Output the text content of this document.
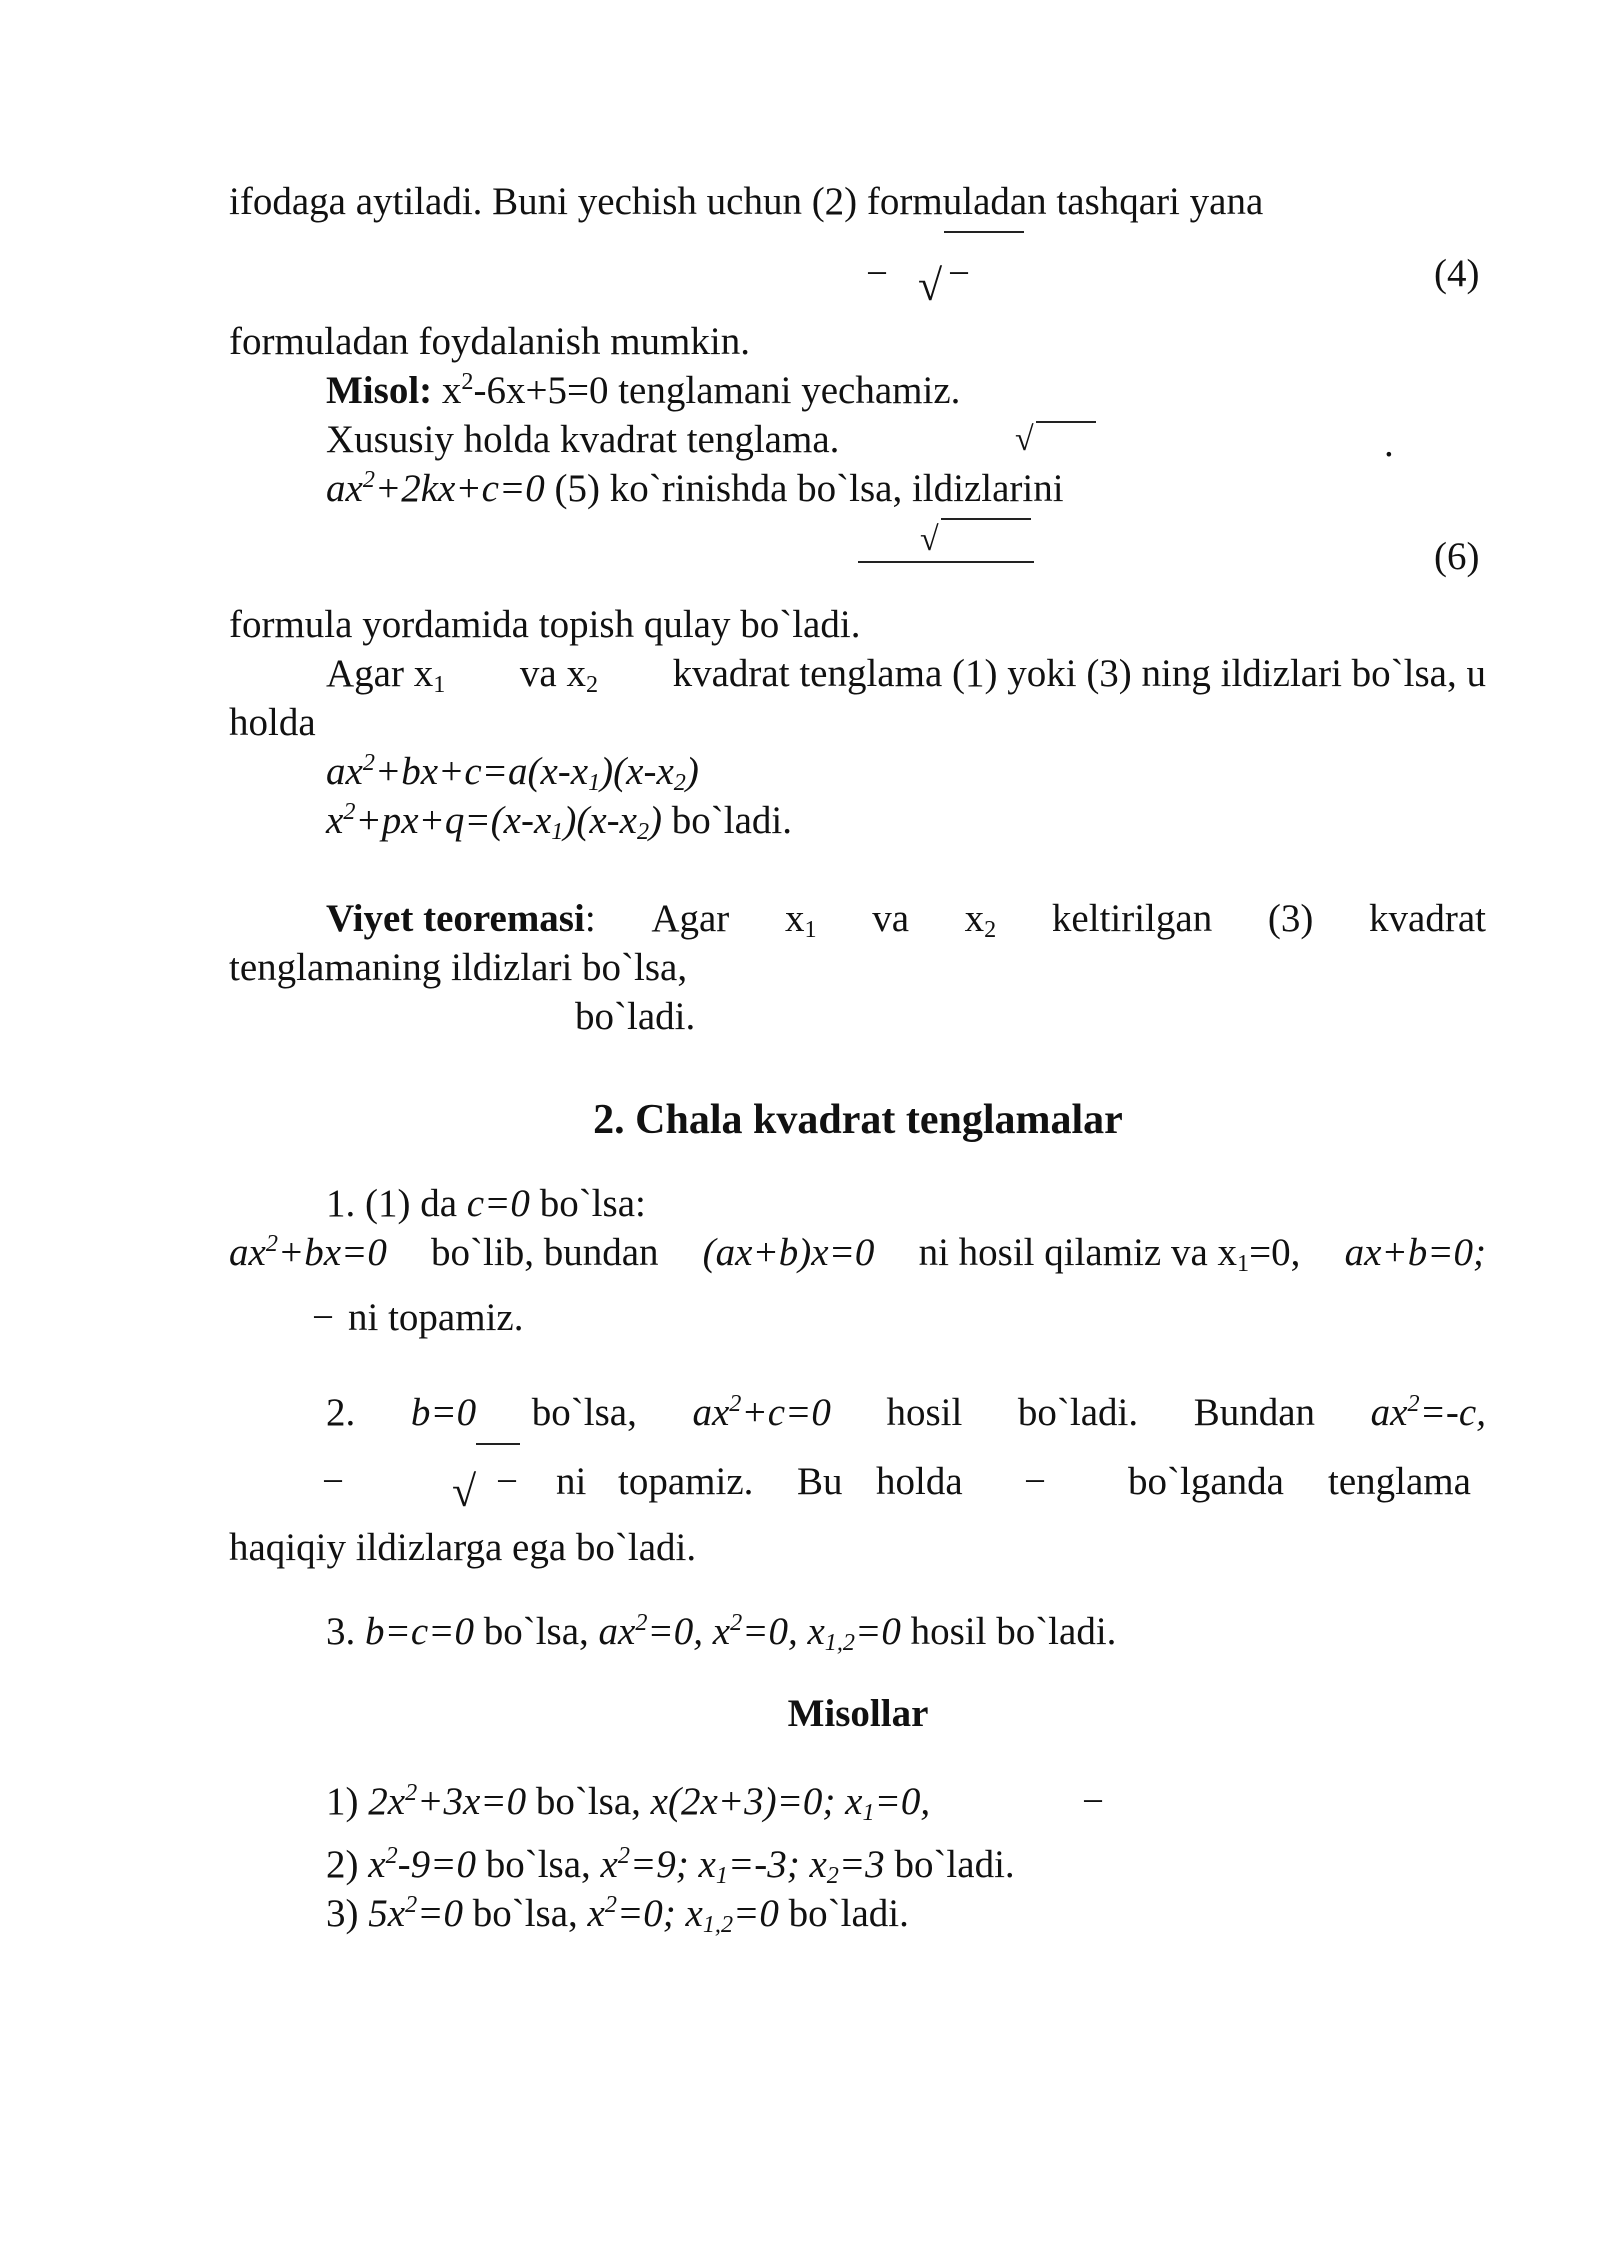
ifodaga aytiladi. Buni yechish uchun (2) formuladan tashqari yana
− √ −	(4)
formuladan foydalanish mumkin.
Misol: $x^2-6x+5=0$ tenglamani yechamiz.
Xususiy holda kvadrat tenglama.	√	.
$ax^2+2kx+c=0$ (5) ko`rinishda bo`lsa, ildizlarini
√	(6)
formula yordamida topish qulay bo`ladi.
Agar $x_1$ va $x_2$ kvadrat tenglama (1) yoki (3) ning ildizlari bo`lsa, u
holda
$ax^2+bx+c=a(x-x_1)(x-x_2)$
$x^2+px+q=(x-x_1)(x-x_2)$ bo`ladi.
Viyet teoremasi: Agar $x_1$ va $x_2$ keltirilgan (3) kvadrat
tenglamaning ildizlari bo`lsa,
bo`ladi.
2. Chala kvadrat tenglamalar
1. (1) da c=0 bo`lsa:
$ax^2+bx=0$ bo`lib, bundan (ax+b)x=0 ni hosil qilamiz va $x_1=0$, ax+b=0;
− ni topamiz.
2. b=0 bo`lsa, $ax^2+c=0$ hosil bo`ladi. Bundan $ax^2=-c$,
− √ − ni topamiz. Bu holda − bo`lganda tenglama
haqiqiy ildizlarga ega bo`ladi.
3. b=c=0 bo`lsa, $ax^2=0$, $x^2=0$, $x_{1,2}=0$ hosil bo`ladi.
Misollar
1) $2x^2+3x=0$ bo`lsa, x(2x+3)=0; $x_1=0$,	−
2) $x^2-9=0$ bo`lsa, $x^2=9$; $x_1=-3$; $x_2=3$ bo`ladi.
3) $5x^2=0$ bo`lsa, $x^2=0$; $x_{1,2}=0$ bo`ladi.
